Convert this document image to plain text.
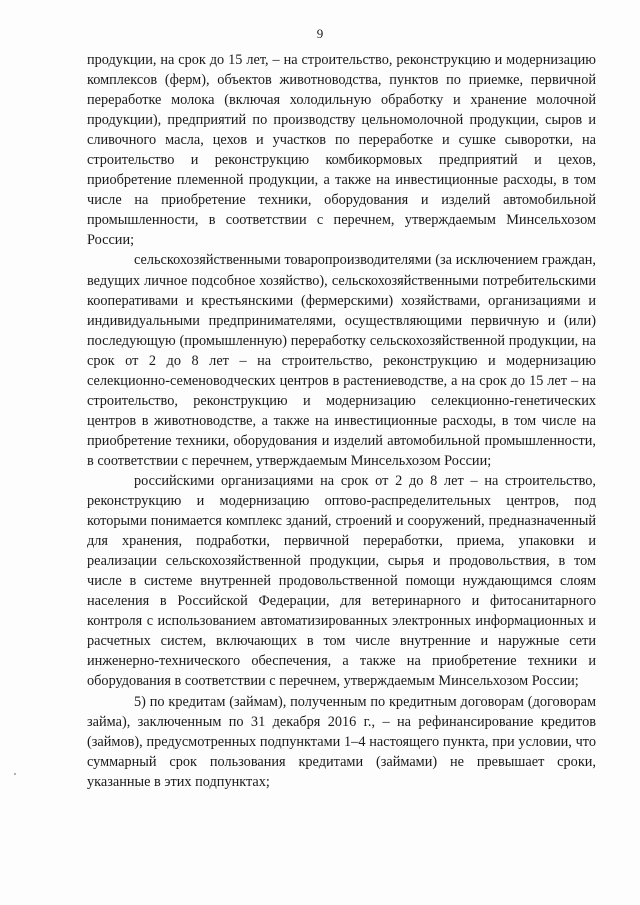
9

продукции, на срок до 15 лет, – на строительство, реконструкцию и модернизацию комплексов (ферм), объектов животноводства, пунктов по приемке, первичной переработке молока (включая холодильную обработку и хранение молочной продукции), предприятий по производству цельномолочной продукции, сыров и сливочного масла, цехов и участков по переработке и сушке сыворотки, на строительство и реконструкцию комбикормовых предприятий и цехов, приобретение племенной продукции, а также на инвестиционные расходы, в том числе на приобретение техники, оборудования и изделий автомобильной промышленности, в соответствии с перечнем, утверждаемым Минсельхозом России;

сельскохозяйственными товаропроизводителями (за исключением граждан, ведущих личное подсобное хозяйство), сельскохозяйственными потребительскими кооперативами и крестьянскими (фермерскими) хозяйствами, организациями и индивидуальными предпринимателями, осуществляющими первичную и (или) последующую (промышленную) переработку сельскохозяйственной продукции, на срок от 2 до 8 лет – на строительство, реконструкцию и модернизацию селекционно-семеноводческих центров в растениеводстве, а на срок до 15 лет – на строительство, реконструкцию и модернизацию селекционно-генетических центров в животноводстве, а также на инвестиционные расходы, в том числе на приобретение техники, оборудования и изделий автомобильной промышленности, в соответствии с перечнем, утверждаемым Минсельхозом России;

российскими организациями на срок от 2 до 8 лет – на строительство, реконструкцию и модернизацию оптово-распределительных центров, под которыми понимается комплекс зданий, строений и сооружений, предназначенный для хранения, подработки, первичной переработки, приема, упаковки и реализации сельскохозяйственной продукции, сырья и продовольствия, в том числе в системе внутренней продовольственной помощи нуждающимся слоям населения в Российской Федерации, для ветеринарного и фитосанитарного контроля с использованием автоматизированных электронных информационных и расчетных систем, включающих в том числе внутренние и наружные сети инженерно-технического обеспечения, а также на приобретение техники и оборудования в соответствии с перечнем, утверждаемым Минсельхозом России;

5) по кредитам (займам), полученным по кредитным договорам (договорам займа), заключенным по 31 декабря 2016 г., – на рефинансирование кредитов (займов), предусмотренных подпунктами 1–4 настоящего пункта, при условии, что суммарный срок пользования кредитами (займами) не превышает сроки, указанные в этих подпунктах;
